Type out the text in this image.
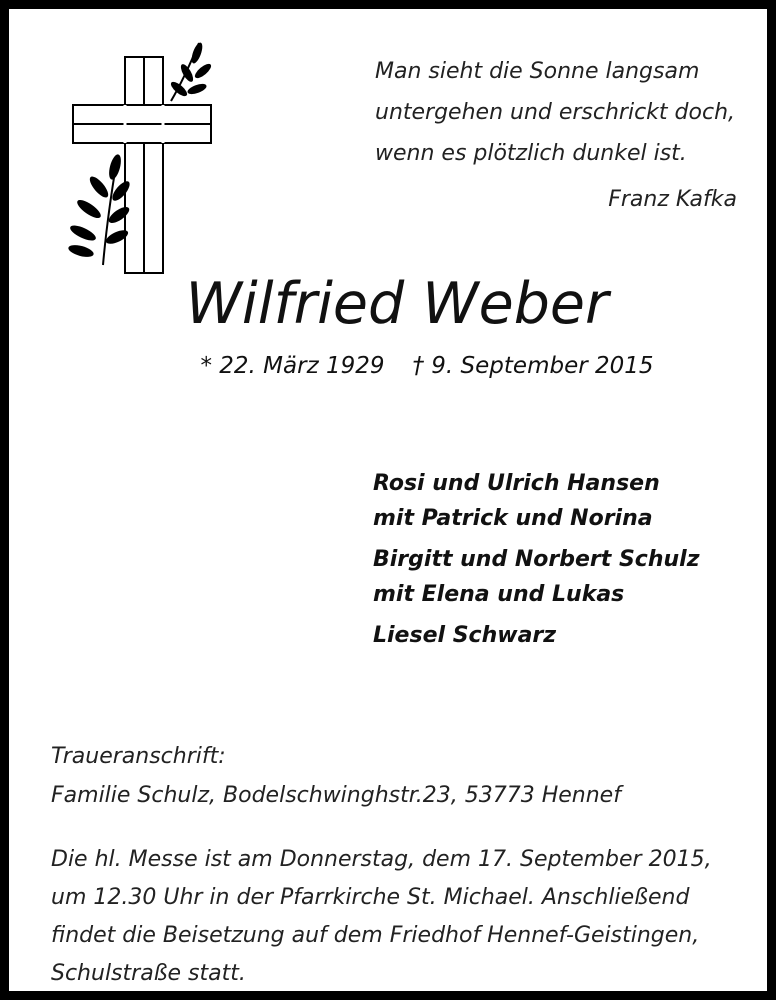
Man sieht die Sonne langsam
untergehen und erschrickt doch,
wenn es plötzlich dunkel ist.
Franz Kafka
Wilfried Weber
* 22. März 1929 † 9. September 2015
Rosi und Ulrich Hansen
mit Patrick und Norina
Birgitt und Norbert Schulz
mit Elena und Lukas
Liesel Schwarz
Traueranschrift:
Familie Schulz, Bodelschwinghstr.23, 53773 Hennef
Die hl. Messe ist am Donnerstag, dem 17. September 2015,
um 12.30 Uhr in der Pfarrkirche St. Michael. Anschließend
findet die Beisetzung auf dem Friedhof Hennef-Geistingen,
Schulstraße statt.
